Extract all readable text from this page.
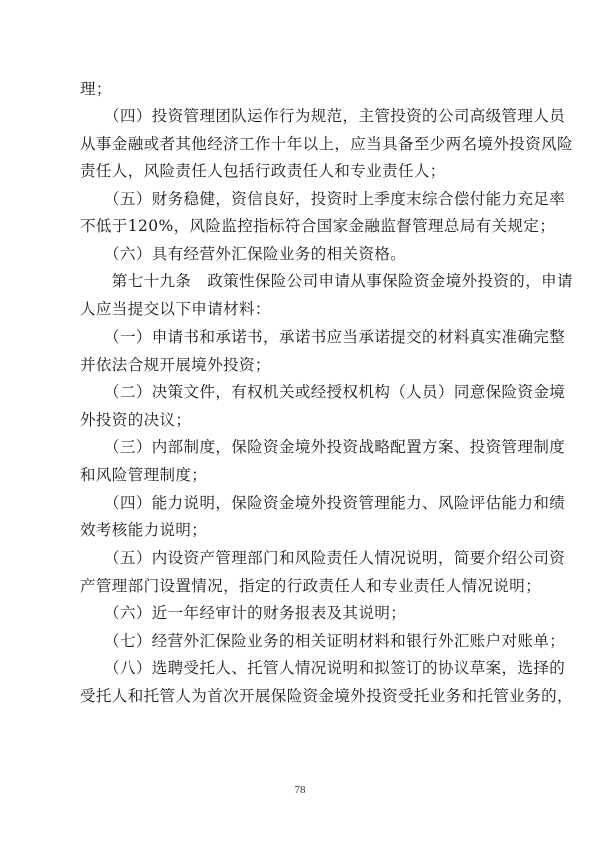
理；
　　（四）投资管理团队运作行为规范，主管投资的公司高级管理人员
从事金融或者其他经济工作十年以上，应当具备至少两名境外投资风险
责任人，风险责任人包括行政责任人和专业责任人；
　　（五）财务稳健，资信良好，投资时上季度末综合偿付能力充足率
不低于120%，风险监控指标符合国家金融监督管理总局有关规定；
　　（六）具有经营外汇保险业务的相关资格。
　　第七十九条　政策性保险公司申请从事保险资金境外投资的，申请
人应当提交以下申请材料：
　　（一）申请书和承诺书，承诺书应当承诺提交的材料真实准确完整
并依法合规开展境外投资；
　　（二）决策文件，有权机关或经授权机构（人员）同意保险资金境
外投资的决议；
　　（三）内部制度，保险资金境外投资战略配置方案、投资管理制度
和风险管理制度；
　　（四）能力说明，保险资金境外投资管理能力、风险评估能力和绩
效考核能力说明；
　　（五）内设资产管理部门和风险责任人情况说明，简要介绍公司资
产管理部门设置情况，指定的行政责任人和专业责任人情况说明；
　　（六）近一年经审计的财务报表及其说明；
　　（七）经营外汇保险业务的相关证明材料和银行外汇账户对账单；
　　（八）选聘受托人、托管人情况说明和拟签订的协议草案，选择的
受托人和托管人为首次开展保险资金境外投资受托业务和托管业务的，
78
